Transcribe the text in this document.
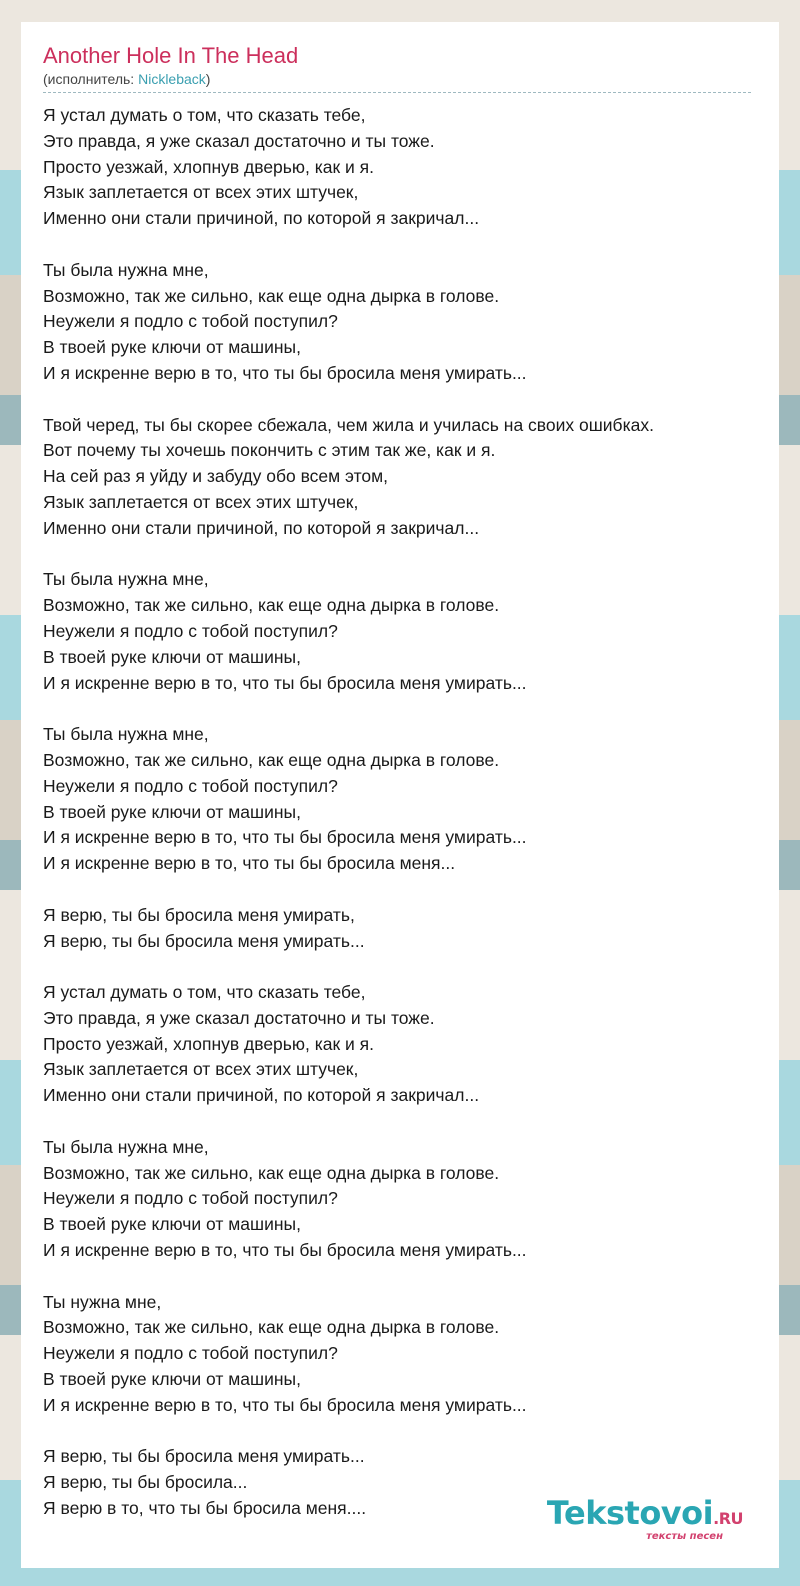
Another Hole In The Head
(исполнитель: Nickleback)
Я устал думать о том, что сказать тебе,
Это правда, я уже сказал достаточно и ты тоже.
Просто уезжай, хлопнув дверью, как и я.
Язык заплетается от всех этих штучек,
Именно они стали причиной, по которой я закричал...
Ты была нужна мне,
Возможно, так же сильно, как еще одна дырка в голове.
Неужели я подло с тобой поступил?
В твоей руке ключи от машины,
И я искренне верю в то, что ты бы бросила меня умирать...
Твой черед, ты бы скорее сбежала, чем жила и училась на своих ошибках.
Вот почему ты хочешь покончить с этим так же, как и я.
На сей раз я уйду и забуду обо всем этом,
Язык заплетается от всех этих штучек,
Именно они стали причиной, по которой я закричал...
Ты была нужна мне,
Возможно, так же сильно, как еще одна дырка в голове.
Неужели я подло с тобой поступил?
В твоей руке ключи от машины,
И я искренне верю в то, что ты бы бросила меня умирать...
Ты была нужна мне,
Возможно, так же сильно, как еще одна дырка в голове.
Неужели я подло с тобой поступил?
В твоей руке ключи от машины,
И я искренне верю в то, что ты бы бросила меня умирать...
И я искренне верю в то, что ты бы бросила меня...
Я верю, ты бы бросила меня умирать,
Я верю, ты бы бросила меня умирать...
Я устал думать о том, что сказать тебе,
Это правда, я уже сказал достаточно и ты тоже.
Просто уезжай, хлопнув дверью, как и я.
Язык заплетается от всех этих штучек,
Именно они стали причиной, по которой я закричал...
Ты была нужна мне,
Возможно, так же сильно, как еще одна дырка в голове.
Неужели я подло с тобой поступил?
В твоей руке ключи от машины,
И я искренне верю в то, что ты бы бросила меня умирать...
Ты нужна мне,
Возможно, так же сильно, как еще одна дырка в голове.
Неужели я подло с тобой поступил?
В твоей руке ключи от машины,
И я искренне верю в то, что ты бы бросила меня умирать...
Я верю, ты бы бросила меня умирать...
Я верю, ты бы бросила...
Я верю в то, что ты бы бросила меня....	Tekstovoi.RU
тексты песен
